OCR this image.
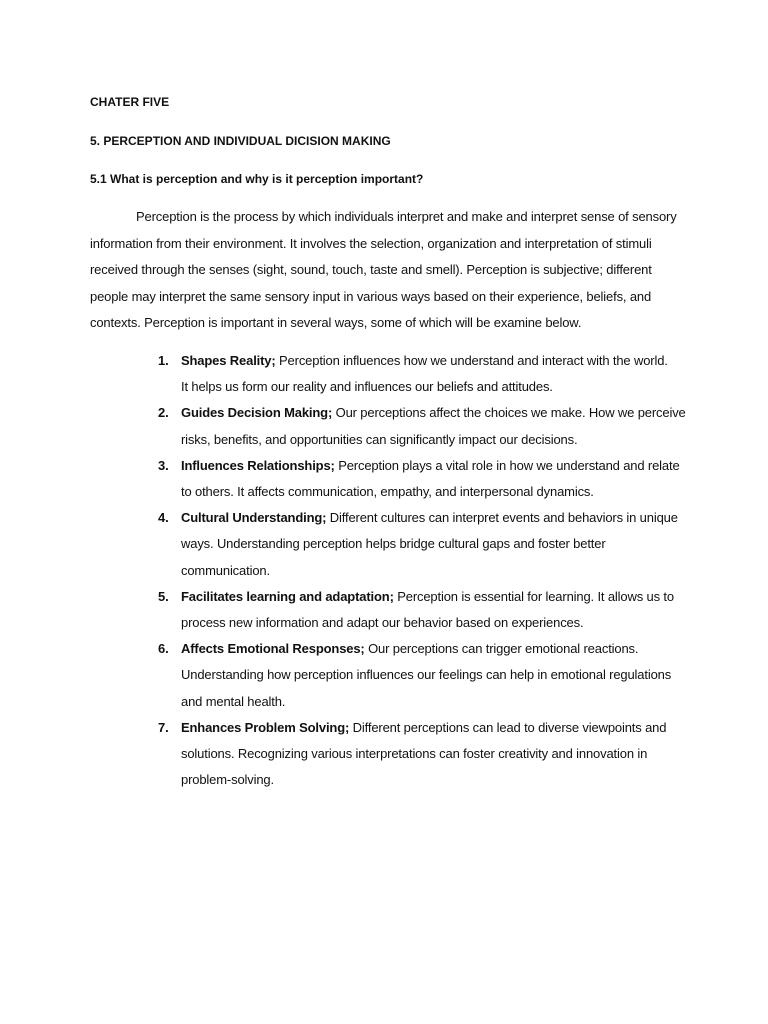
CHATER FIVE
5. PERCEPTION AND INDIVIDUAL DICISION MAKING
5.1 What is perception and why is it perception important?
Perception is the process by which individuals interpret and make and interpret sense of sensory
information from their environment. It involves the selection, organization and interpretation of stimuli
received through the senses (sight, sound, touch, taste and smell). Perception is subjective; different
people may interpret the same sensory input in various ways based on their experience, beliefs, and
contexts. Perception is important in several ways, some of which will be examine below.
1. Shapes Reality; Perception influences how we understand and interact with the world.
It helps us form our reality and influences our beliefs and attitudes.
2. Guides Decision Making; Our perceptions affect the choices we make. How we perceive
risks, benefits, and opportunities can significantly impact our decisions.
3. Influences Relationships; Perception plays a vital role in how we understand and relate
to others. It affects communication, empathy, and interpersonal dynamics.
4. Cultural Understanding; Different cultures can interpret events and behaviors in unique
ways. Understanding perception helps bridge cultural gaps and foster better
communication.
5. Facilitates learning and adaptation; Perception is essential for learning. It allows us to
process new information and adapt our behavior based on experiences.
6. Affects Emotional Responses; Our perceptions can trigger emotional reactions.
Understanding how perception influences our feelings can help in emotional regulations
and mental health.
7. Enhances Problem Solving; Different perceptions can lead to diverse viewpoints and
solutions. Recognizing various interpretations can foster creativity and innovation in
problem-solving.
